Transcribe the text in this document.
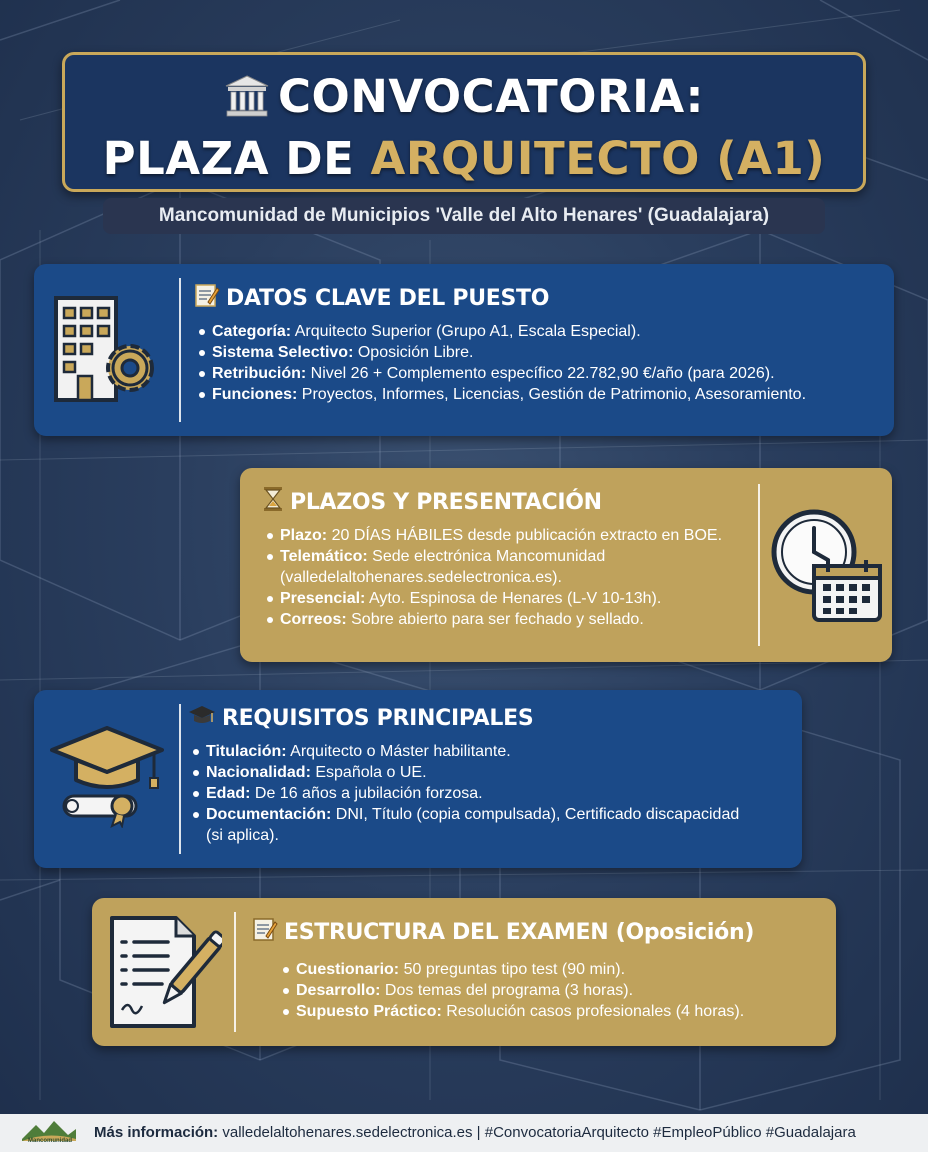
CONVOCATORIA:
PLAZA DE ARQUITECTO (A1)
Mancomunidad de Municipios 'Valle del Alto Henares' (Guadalajara)
DATOS CLAVE DEL PUESTO
Categoría: Arquitecto Superior (Grupo A1, Escala Especial).
Sistema Selectivo: Oposición Libre.
Retribución: Nivel 26 + Complemento específico 22.782,90 €/año (para 2026).
Funciones: Proyectos, Informes, Licencias, Gestión de Patrimonio, Asesoramiento.
PLAZOS Y PRESENTACIÓN
Plazo: 20 DÍAS HÁBILES desde publicación extracto en BOE.
Telemático: Sede electrónica Mancomunidad
(valledelaltohenares.sedelectronica.es).
Presencial: Ayto. Espinosa de Henares (L-V 10-13h).
Correos: Sobre abierto para ser fechado y sellado.
REQUISITOS PRINCIPALES
Titulación: Arquitecto o Máster habilitante.
Nacionalidad: Española o UE.
Edad: De 16 años a jubilación forzosa.
Documentación: DNI, Título (copia compulsada), Certificado discapacidad
(si aplica).
ESTRUCTURA DEL EXAMEN (Oposición)
Cuestionario: 50 preguntas tipo test (90 min).
Desarrollo: Dos temas del programa (3 horas).
Supuesto Práctico: Resolución casos profesionales (4 horas).
Mancomunidad	Más información: valledelaltohenares.sedelectronica.es | #ConvocatoriaArquitecto #EmpleoPúblico #Guadalajara
